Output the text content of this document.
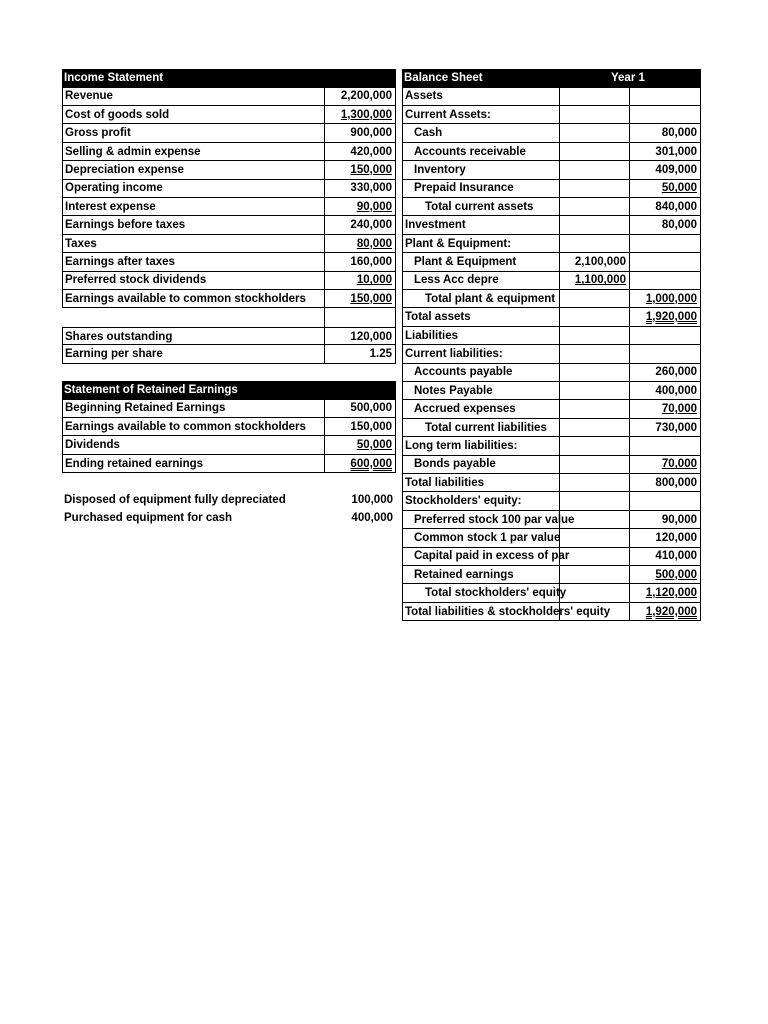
Income Statement
Revenue	2,200,000
Cost of goods sold	1,300,000
Gross profit	900,000
Selling & admin expense	420,000
Depreciation expense	150,000
Operating income	330,000
Interest expense	90,000
Earnings before taxes	240,000
Taxes	80,000
Earnings after taxes	160,000
Preferred stock dividends	10,000
Earnings available to common stockholders	150,000
Shares outstanding	120,000
Earning per share	1.25
Statement of Retained Earnings
Beginning Retained Earnings	500,000
Earnings available to common stockholders	150,000
Dividends	50,000
Ending retained earnings	600,000
Disposed of equipment fully depreciated	100,000
Purchased equipment for cash	400,000
Balance Sheet	Year 1
Assets
Current Assets:
Cash	80,000
Accounts receivable	301,000
Inventory	409,000
Prepaid Insurance	50,000
Total current assets	840,000
Investment	80,000
Plant & Equipment:
Plant & Equipment	2,100,000
Less Acc depre	1,100,000
Total plant & equipment	1,000,000
Total assets	1,920,000
Liabilities
Current liabilities:
Accounts payable	260,000
Notes Payable	400,000
Accrued expenses	70,000
Total current liabilities	730,000
Long term liabilities:
Bonds payable	70,000
Total liabilities	800,000
Stockholders' equity:
Preferred stock 100 par value	90,000
Common stock 1 par value	120,000
Capital paid in excess of par	410,000
Retained earnings	500,000
Total stockholders' equity	1,120,000
Total liabilities & stockholders' equity	1,920,000
